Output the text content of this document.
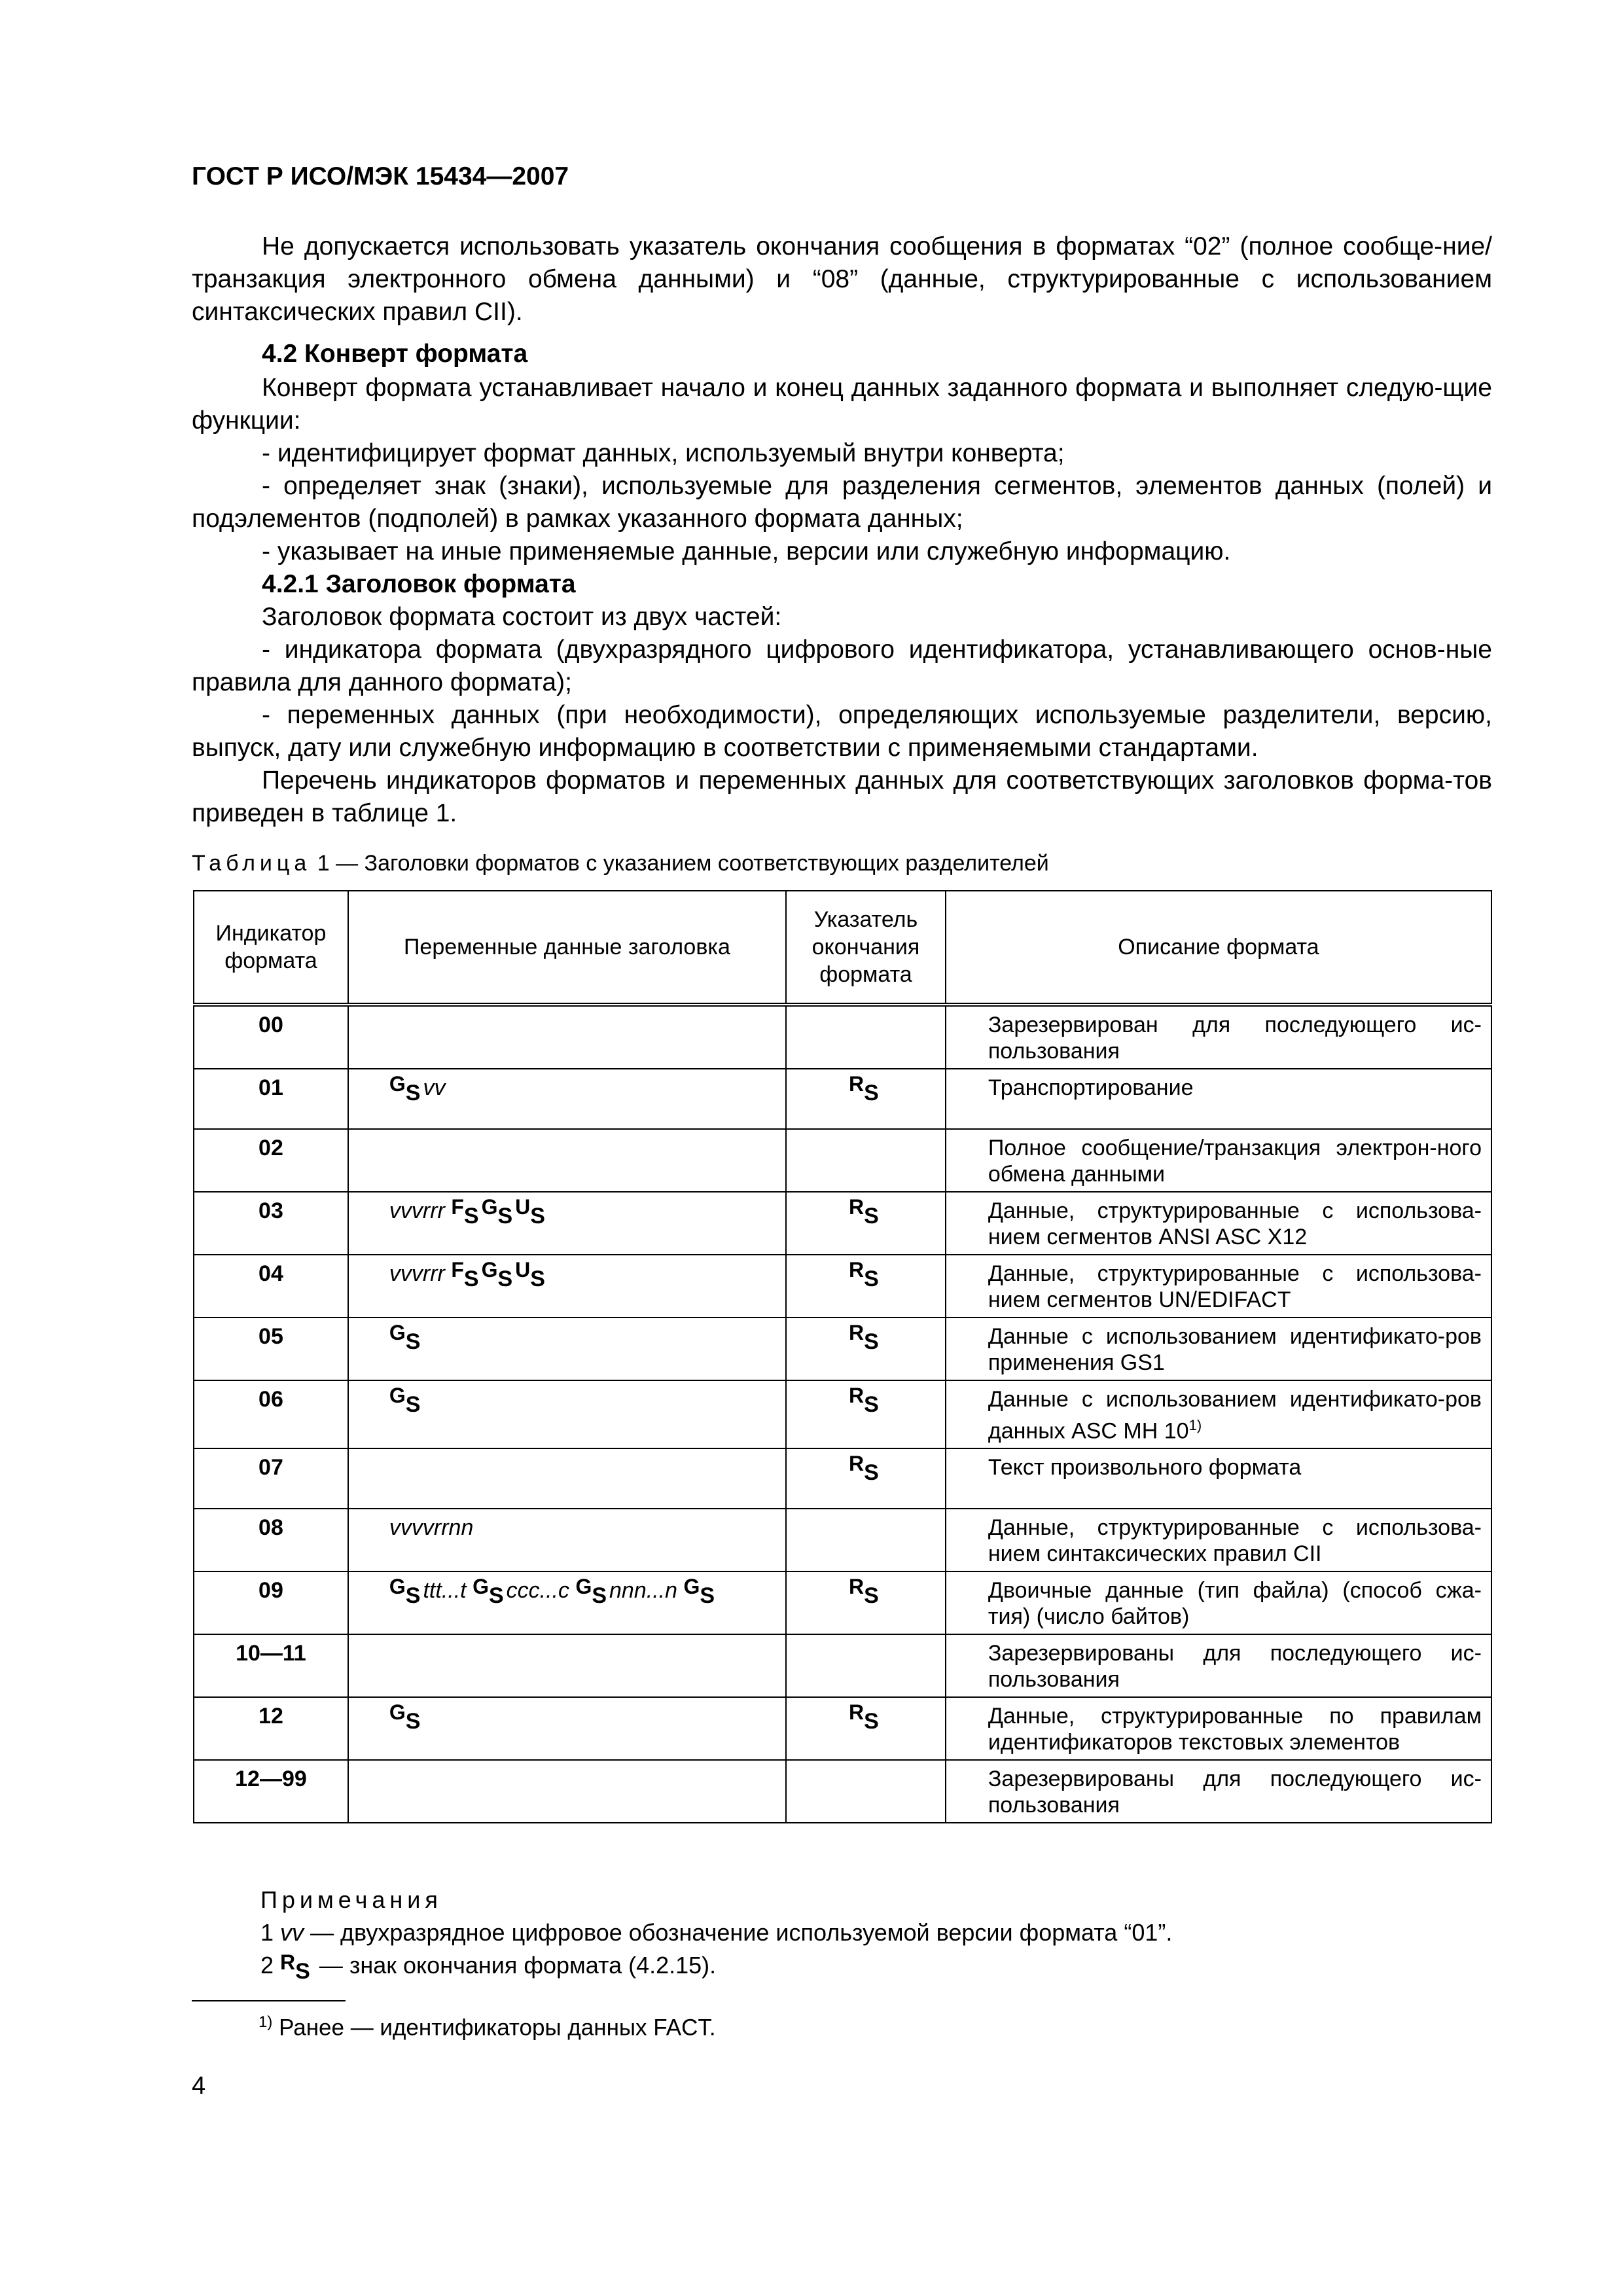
ГОСТ Р ИСО/МЭК 15434—2007

Не допускается использовать указатель окончания сообщения в форматах “02” (полное сообще-ние/транзакция электронного обмена данными) и “08” (данные, структурированные с использованием синтаксических правил CII).

4.2 Конверт формата

Конверт формата устанавливает начало и конец данных заданного формата и выполняет следую-щие функции:

- идентифицирует формат данных, используемый внутри конверта;

- определяет знак (знаки), используемые для разделения сегментов, элементов данных (полей) и подэлементов (подполей) в рамках указанного формата данных;

- указывает на иные применяемые данные, версии или служебную информацию.

4.2.1 Заголовок формата

Заголовок формата состоит из двух частей:

- индикатора формата (двухразрядного цифрового идентификатора, устанавливающего основ-ные правила для данного формата);

- переменных данных (при необходимости), определяющих используемые разделители, версию, выпуск, дату или служебную информацию в соответствии с применяемыми стандартами.

Перечень индикаторов форматов и переменных данных для соответствующих заголовков форма-тов приведен в таблице 1.

Таблица 1 — Заголовки форматов с указанием соответствующих разделителей
Индикатор формата	Переменные данные заголовка	Указатель окончания формата	Описание формата
00			Зарезервирован для последующего ис-пользования
01	$G_S$ vv	$R_S$	Транспортирование
02			Полное сообщение/транзакция электрон-ного обмена данными
03	vvvrrr $F_S$ $G_S$ $U_S$	$R_S$	Данные, структурированные с использова-нием сегментов ANSI ASC X12
04	vvvrrr $F_S$ $G_S$ $U_S$	$R_S$	Данные, структурированные с использова-нием сегментов UN/EDIFACT
05	$G_S$	$R_S$	Данные с использованием идентификато-ров применения GS1
06	$G_S$	$R_S$	Данные с использованием идентификато-ров данных ASC MH 10$^{1)}$
07		$R_S$	Текст произвольного формата
08	vvvvrrnn		Данные, структурированные с использова-нием синтаксических правил CII
09	$G_S$ ttt...t $G_S$ ccc...c $G_S$ nnn...n $G_S$	$R_S$	Двоичные данные (тип файла) (способ сжа-тия) (число байтов)
10—11			Зарезервированы для последующего ис-пользования
12	$G_S$	$R_S$	Данные, структурированные по правилам идентификаторов текстовых элементов
12—99			Зарезервированы для последующего ис-пользования
Примечания
1 vv — двухразрядное цифровое обозначение используемой версии формата “01”.
2 $R_S$ — знак окончания формата (4.2.15).
$^{1)}$ Ранее — идентификаторы данных FACT.
4
